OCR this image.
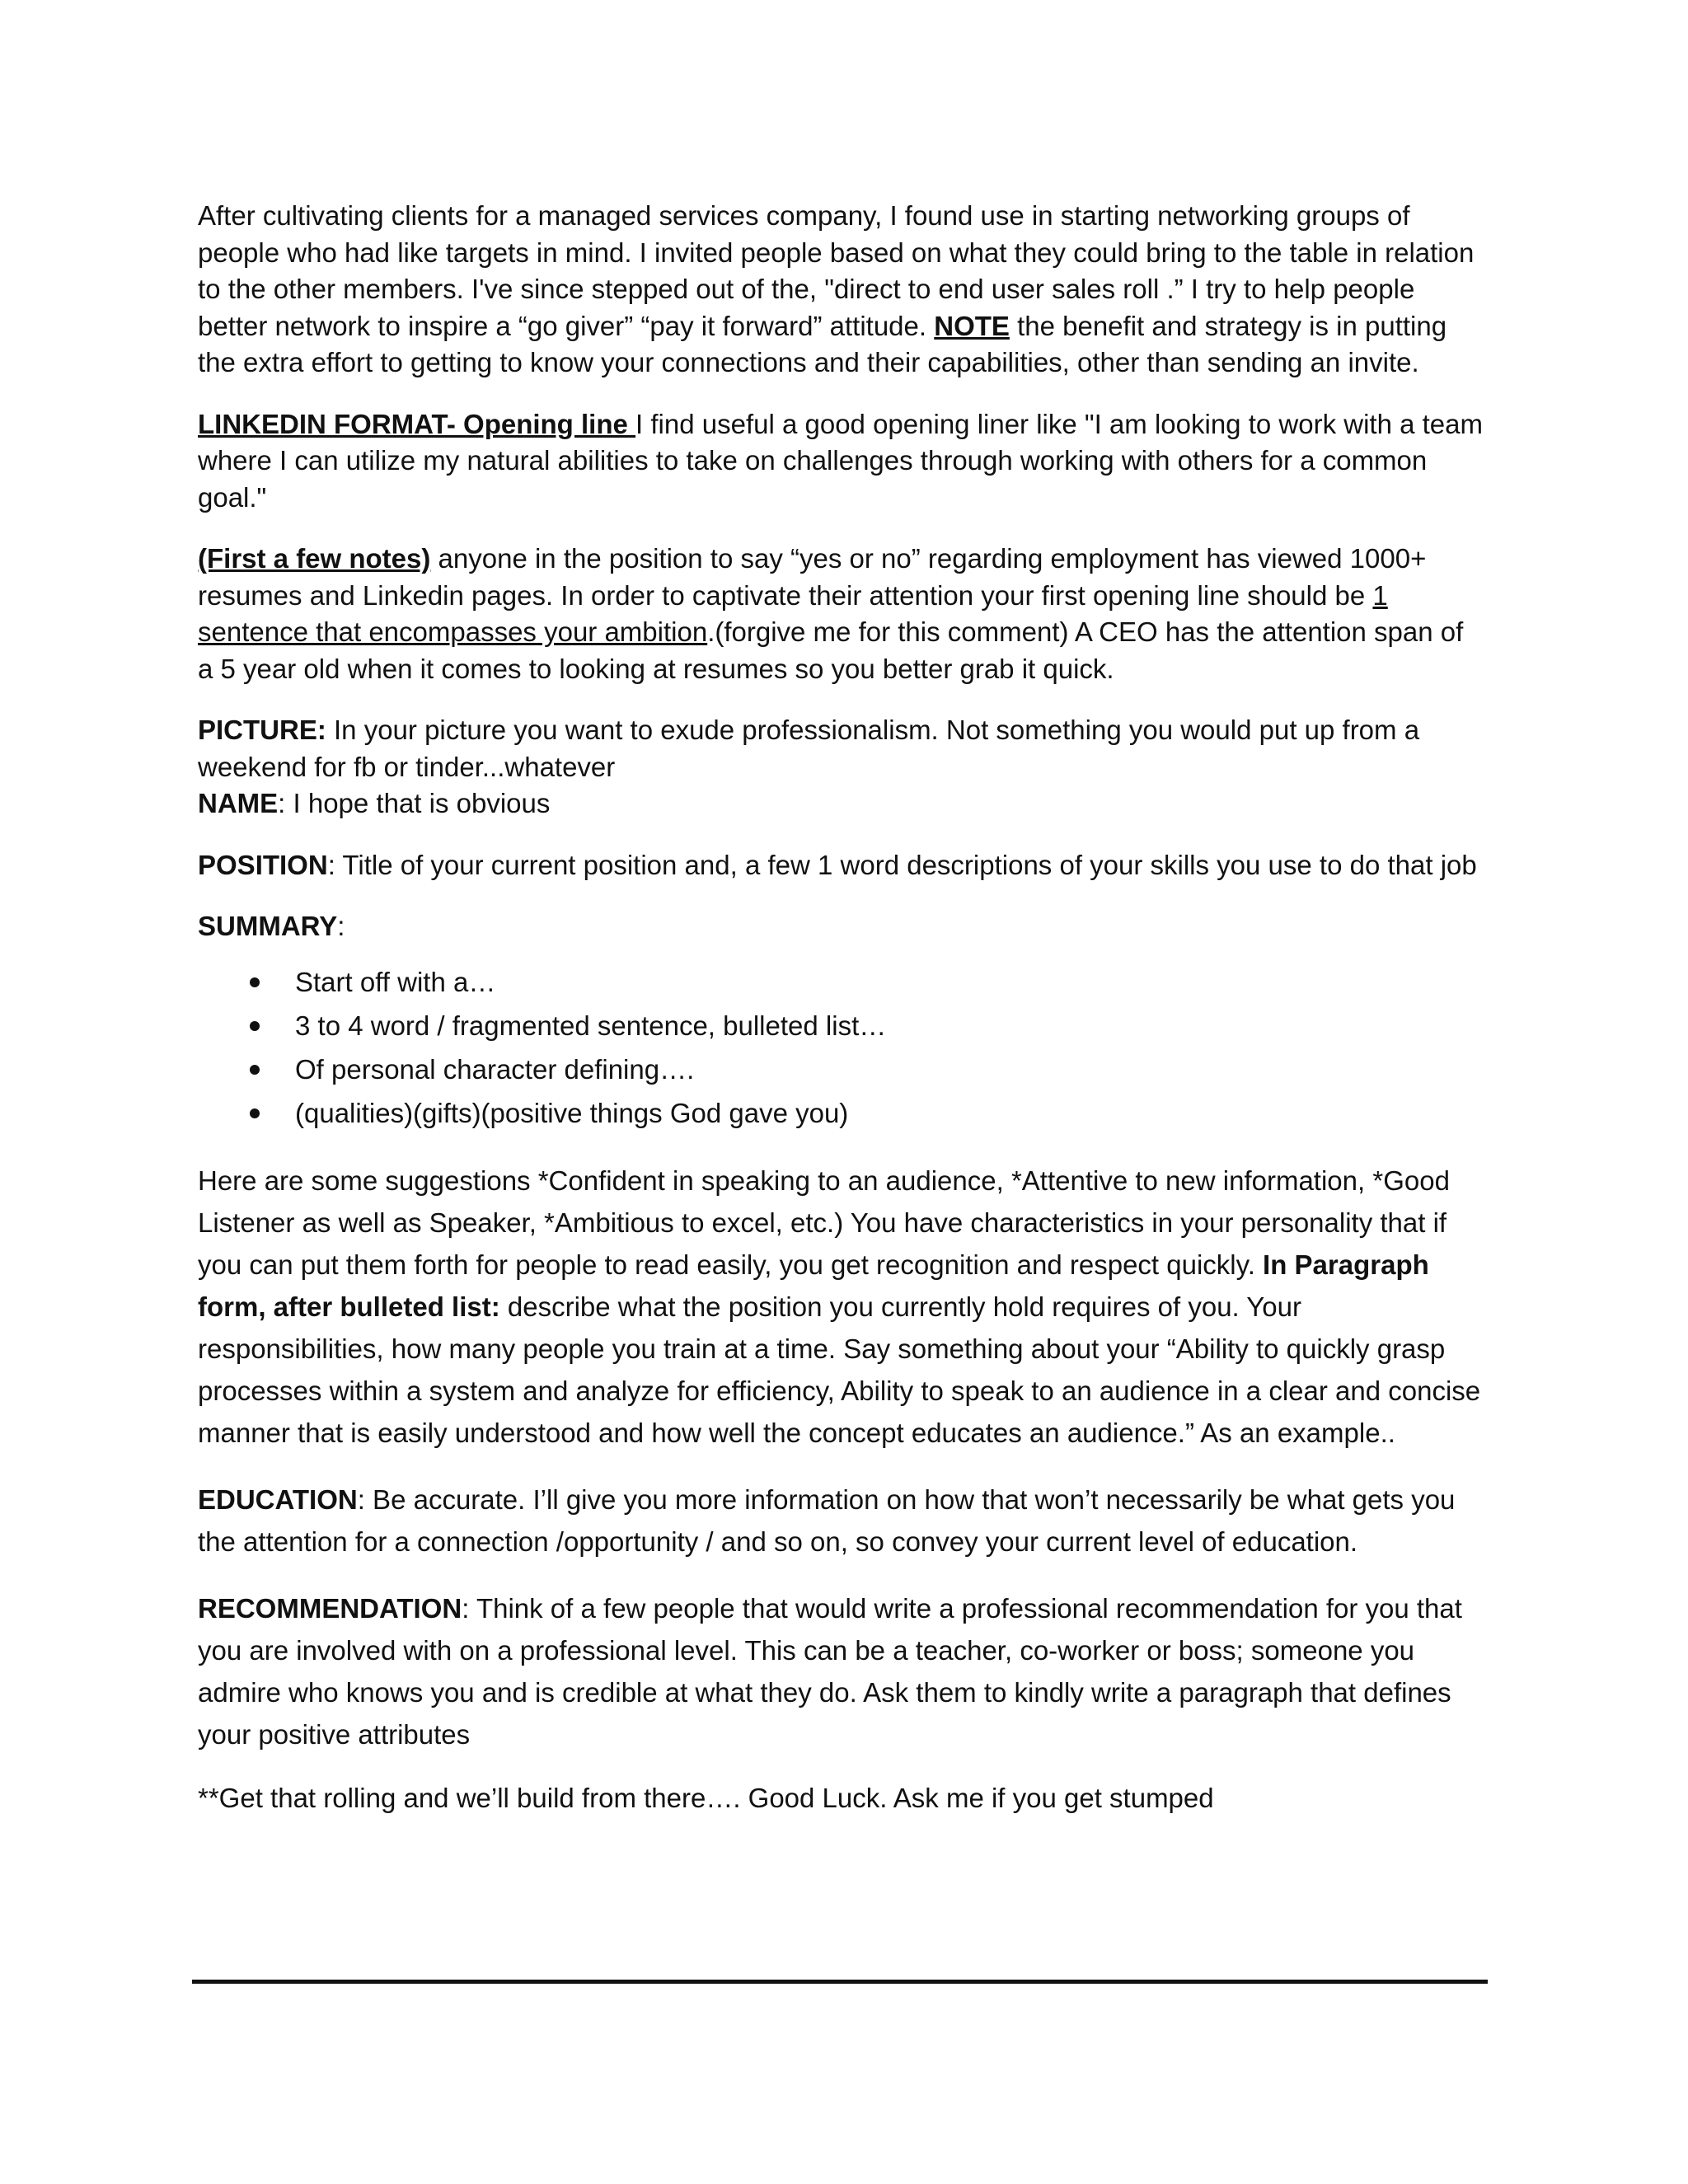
After cultivating clients for a managed services company, I found use in starting networking groups of people who had like targets in mind. I invited people based on what they could bring to the table in relation to the other members. I've since stepped out of the, "direct to end user sales roll .” I try to help people better network to inspire a “go giver” “pay it forward” attitude. NOTE the benefit and strategy is in putting the extra effort to getting to know your connections and their capabilities, other than sending an invite.

LINKEDIN FORMAT- Opening line I find useful a good opening liner like "I am looking to work with a team where I can utilize my natural abilities to take on challenges through working with others for a common goal."

(First a few notes) anyone in the position to say “yes or no” regarding employment has viewed 1000+ resumes and Linkedin pages. In order to captivate their attention your first opening line should be 1 sentence that encompasses your ambition.(forgive me for this comment) A CEO has the attention span of a 5 year old when it comes to looking at resumes so you better grab it quick.

PICTURE: In your picture you want to exude professionalism. Not something you would put up from a weekend for fb or tinder...whatever

NAME: I hope that is obvious

POSITION: Title of your current position and, a few 1 word descriptions of your skills you use to do that job

SUMMARY:

Start off with a…
3 to 4 word / fragmented sentence, bulleted list…
Of personal character defining….
(qualities)(gifts)(positive things God gave you)

Here are some suggestions *Confident in speaking to an audience, *Attentive to new information, *Good Listener as well as Speaker, *Ambitious to excel, etc.) You have characteristics in your personality that if you can put them forth for people to read easily, you get recognition and respect quickly. In Paragraph form, after bulleted list: describe what the position you currently hold requires of you. Your responsibilities, how many people you train at a time. Say something about your “Ability to quickly grasp processes within a system and analyze for efficiency, Ability to speak to an audience in a clear and concise manner that is easily understood and how well the concept educates an audience.” As an example..

EDUCATION: Be accurate. I’ll give you more information on how that won’t necessarily be what gets you the attention for a connection /opportunity / and so on, so convey your current level of education.

RECOMMENDATION: Think of a few people that would write a professional recommendation for you that you are involved with on a professional level. This can be a teacher, co-worker or boss; someone you admire who knows you and is credible at what they do. Ask them to kindly write a paragraph that defines your positive attributes

**Get that rolling and we’ll build from there…. Good Luck. Ask me if you get stumped
